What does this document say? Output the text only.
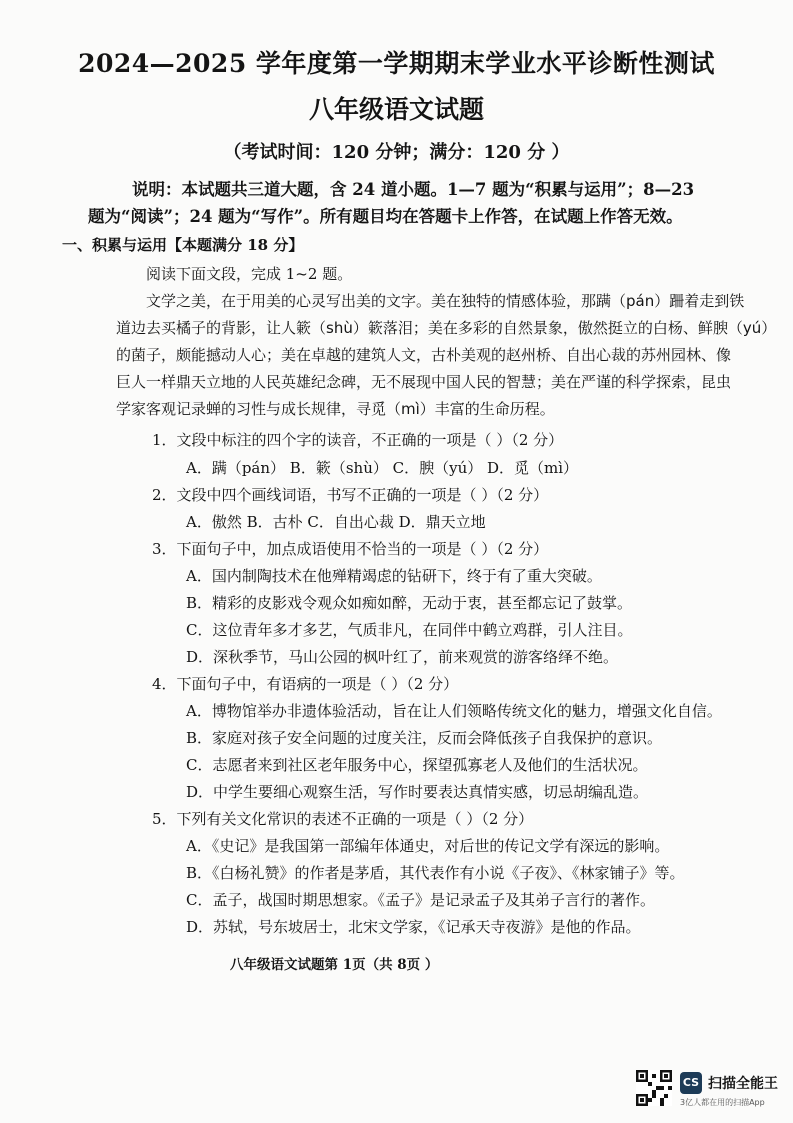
2024—2025 学年度第一学期期末学业水平诊断性测试
八年级语文试题
（考试时间：120 分钟；满分：120 分 ）
说明：本试题共三道大题，含 24 道小题。1—7 题为“积累与运用”；8—23
题为“阅读”；24 题为“写作”。所有题目均在答题卡上作答，在试题上作答无效。
一、积累与运用【本题满分 18 分】
阅读下面文段，完成 1~2 题。
文学之美，在于用美的心灵写出美的文字。美在独特的情感体验，那蹒（pán）跚着走到铁
道边去买橘子的背影，让人簌（shù）簌落泪；美在多彩的自然景象，傲然挺立的白杨、鲜腴（yú）
的菌子，颇能撼动人心；美在卓越的建筑人文，古朴美观的赵州桥、自出心裁的苏州园林、像
巨人一样鼎天立地的人民英雄纪念碑，无不展现中国人民的智慧；美在严谨的科学探索，昆虫
学家客观记录蝉的习性与成长规律，寻觅（mì）丰富的生命历程。
1．文段中标注的四个字的读音，不正确的一项是（ ）（2 分）
A．蹒（pán） B．簌（shù） C．腴（yú） D．觅（mì）
2．文段中四个画线词语，书写不正确的一项是（ ）（2 分）
A．傲然 B．古朴 C．自出心裁 D．鼎天立地
3．下面句子中，加点成语使用不恰当的一项是（ ）（2 分）
A．国内制陶技术在他殚精竭虑的钻研下，终于有了重大突破。
B．精彩的皮影戏令观众如痴如醉，无动于衷，甚至都忘记了鼓掌。
C．这位青年多才多艺，气质非凡，在同伴中鹤立鸡群，引人注目。
D．深秋季节，马山公园的枫叶红了，前来观赏的游客络绎不绝。
4．下面句子中，有语病的一项是（ ）（2 分）
A．博物馆举办非遗体验活动，旨在让人们领略传统文化的魅力，增强文化自信。
B．家庭对孩子安全问题的过度关注，反而会降低孩子自我保护的意识。
C．志愿者来到社区老年服务中心，探望孤寡老人及他们的生活状况。
D．中学生要细心观察生活，写作时要表达真情实感，切忌胡编乱造。
5．下列有关文化常识的表述不正确的一项是（ ）（2 分）
A．《史记》是我国第一部编年体通史，对后世的传记文学有深远的影响。
B．《白杨礼赞》的作者是茅盾，其代表作有小说《子夜》、《林家铺子》等。
C．孟子，战国时期思想家。《孟子》是记录孟子及其弟子言行的著作。
D．苏轼，号东坡居士，北宋文学家，《记承天寺夜游》是他的作品。
八年级语文试题第 1页（共 8页 ）
CS 扫描全能王
3亿人都在用的扫描App
